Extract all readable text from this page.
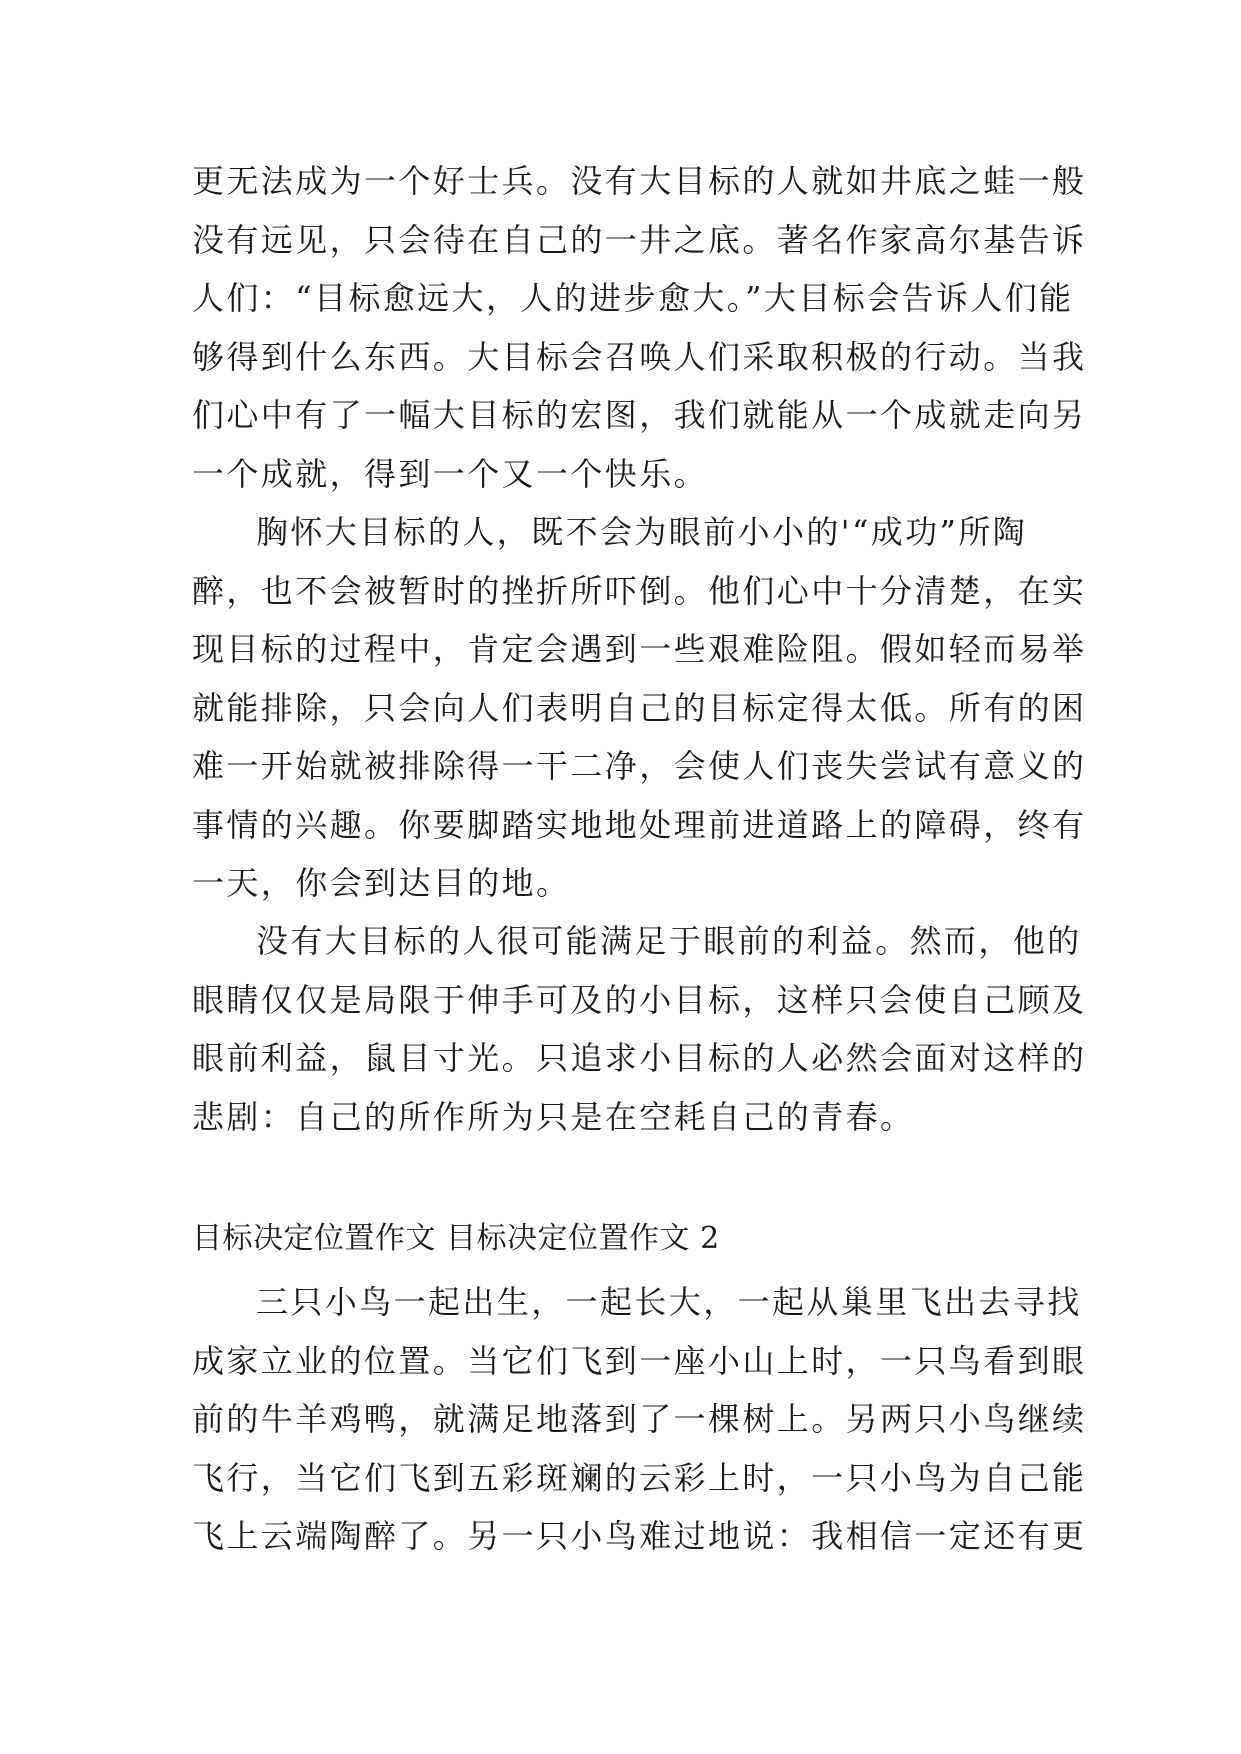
更无法成为一个好士兵。没有大目标的人就如井底之蛙一般
没有远见，只会待在自己的一井之底。著名作家高尔基告诉
人们：“目标愈远大，人的进步愈大。”大目标会告诉人们能
够得到什么东西。大目标会召唤人们采取积极的行动。当我
们心中有了一幅大目标的宏图，我们就能从一个成就走向另
一个成就，得到一个又一个快乐。
胸怀大目标的人，既不会为眼前小小的'“成功”所陶
醉，也不会被暂时的挫折所吓倒。他们心中十分清楚，在实
现目标的过程中，肯定会遇到一些艰难险阻。假如轻而易举
就能排除，只会向人们表明自己的目标定得太低。所有的困
难一开始就被排除得一干二净，会使人们丧失尝试有意义的
事情的兴趣。你要脚踏实地地处理前进道路上的障碍，终有
一天，你会到达目的地。
没有大目标的人很可能满足于眼前的利益。然而，他的
眼睛仅仅是局限于伸手可及的小目标，这样只会使自己顾及
眼前利益，鼠目寸光。只追求小目标的人必然会面对这样的
悲剧：自己的所作所为只是在空耗自己的青春。
目标决定位置作文 目标决定位置作文 2
三只小鸟一起出生，一起长大，一起从巢里飞出去寻找
成家立业的位置。当它们飞到一座小山上时，一只鸟看到眼
前的牛羊鸡鸭，就满足地落到了一棵树上。另两只小鸟继续
飞行，当它们飞到五彩斑斓的云彩上时，一只小鸟为自己能
飞上云端陶醉了。另一只小鸟难过地说：我相信一定还有更
